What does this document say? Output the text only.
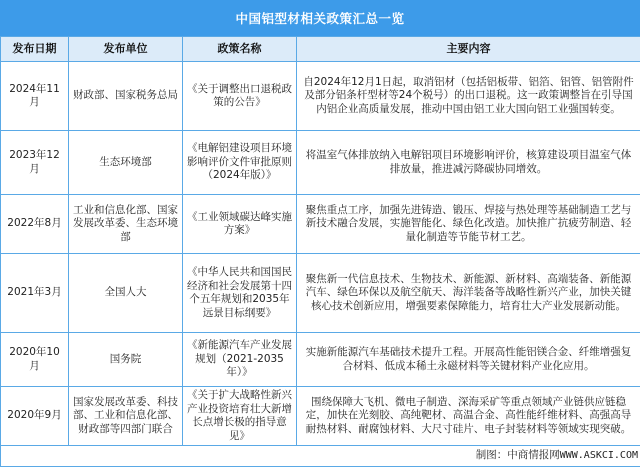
中国铝型材相关政策汇总一览
发布日期	发布单位	政策名称	主要内容
2024年11月	财政部、国家税务总局	《关于调整出口退税政策的公告》	自2024年12月1日起，取消铝材（包括铝板带、铝箔、铝管、铝管附件及部分铝条杆型材等24个税号）的出口退税。这一政策调整旨在引导国内铝企业高质量发展，推动中国由铝工业大国向铝工业强国转变。
2023年12月	生态环境部	《电解铝建设项目环境影响评价文件审批原则（2024年版）》	将温室气体排放纳入电解铝项目环境影响评价，核算建设项目温室气体排放量，推进减污降碳协同增效。
2022年8月	工业和信息化部、国家发展改革委、生态环境部	《工业领域碳达峰实施方案》	聚焦重点工序，加强先进铸造、锻压、焊接与热处理等基础制造工艺与新技术融合发展，实施智能化、绿色化改造。加快推广抗疲劳制造、轻量化制造等节能节材工艺。
2021年3月	全国人大	《中华人民共和国国民经济和社会发展第十四个五年规划和2035年远景目标纲要》	聚焦新一代信息技术、生物技术、新能源、新材料、高端装备、新能源汽车、绿色环保以及航空航天、海洋装备等战略性新兴产业，加快关键核心技术创新应用，增强要素保障能力，培育壮大产业发展新动能。
2020年10月	国务院	《新能源汽车产业发展规划（2021-2035年）》	实施新能源汽车基础技术提升工程。开展高性能铝镁合金、纤维增强复合材料、低成本稀土永磁材料等关键材料产业化应用。
2020年9月	国家发展改革委、科技部、工业和信息化部、财政部等四部门联合	《关于扩大战略性新兴产业投资培育壮大新增长点增长极的指导意见》	围绕保障大飞机、微电子制造、深海采矿等重点领域产业链供应链稳定，加快在光刻胶、高纯靶材、高温合金、高性能纤维材料、高强高导耐热材料、耐腐蚀材料、大尺寸硅片、电子封装材料等领域实现突破。
制图：中商情报网WWW.ASKCI.COM			
